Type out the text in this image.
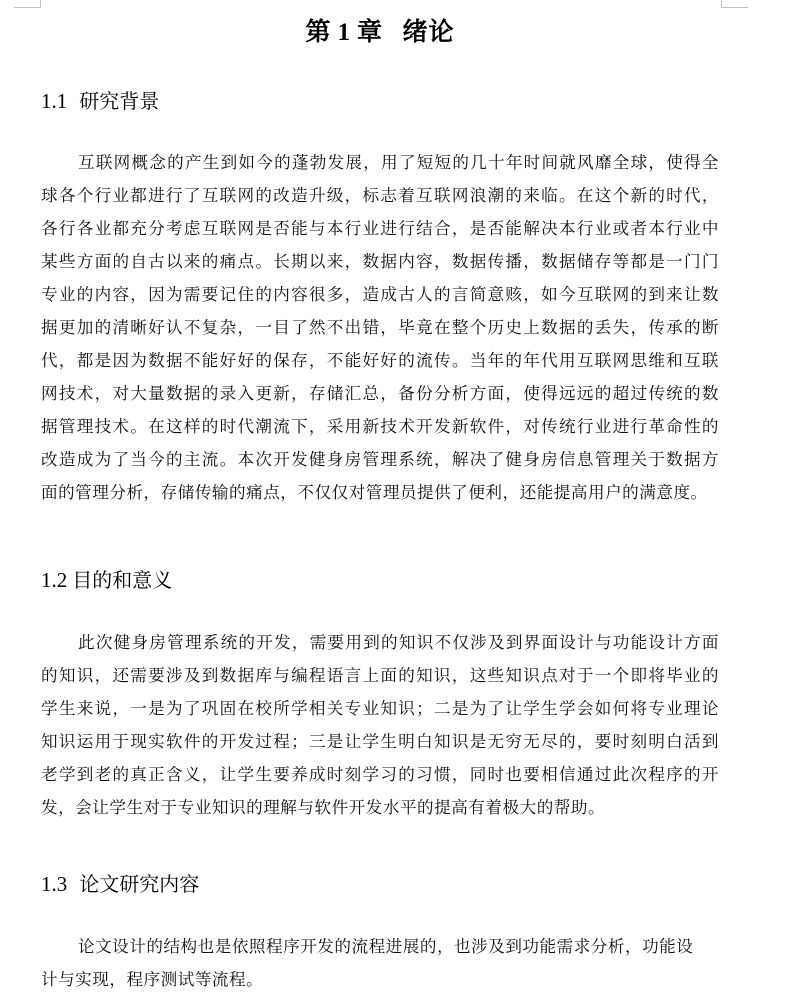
第 1 章  绪论
1.1 研究背景
互联网概念的产生到如今的蓬勃发展，用了短短的几十年时间就风靡全球，使得全
球各个行业都进行了互联网的改造升级，标志着互联网浪潮的来临。在这个新的时代，
各行各业都充分考虑互联网是否能与本行业进行结合，是否能解决本行业或者本行业中
某些方面的自古以来的痛点。长期以来，数据内容，数据传播，数据储存等都是一门门
专业的内容，因为需要记住的内容很多，造成古人的言简意赅，如今互联网的到来让数
据更加的清晰好认不复杂，一目了然不出错，毕竟在整个历史上数据的丢失，传承的断
代，都是因为数据不能好好的保存，不能好好的流传。当年的年代用互联网思维和互联
网技术，对大量数据的录入更新，存储汇总，备份分析方面，使得远远的超过传统的数
据管理技术。在这样的时代潮流下，采用新技术开发新软件，对传统行业进行革命性的
改造成为了当今的主流。本次开发健身房管理系统，解决了健身房信息管理关于数据方
面的管理分析，存储传输的痛点，不仅仅对管理员提供了便利，还能提高用户的满意度。
1.2 目的和意义
此次健身房管理系统的开发，需要用到的知识不仅涉及到界面设计与功能设计方面
的知识，还需要涉及到数据库与编程语言上面的知识，这些知识点对于一个即将毕业的
学生来说，一是为了巩固在校所学相关专业知识；二是为了让学生学会如何将专业理论
知识运用于现实软件的开发过程；三是让学生明白知识是无穷无尽的，要时刻明白活到
老学到老的真正含义，让学生要养成时刻学习的习惯，同时也要相信通过此次程序的开
发，会让学生对于专业知识的理解与软件开发水平的提高有着极大的帮助。
1.3 论文研究内容
论文设计的结构也是依照程序开发的流程进展的，也涉及到功能需求分析，功能设
计与实现，程序测试等流程。
